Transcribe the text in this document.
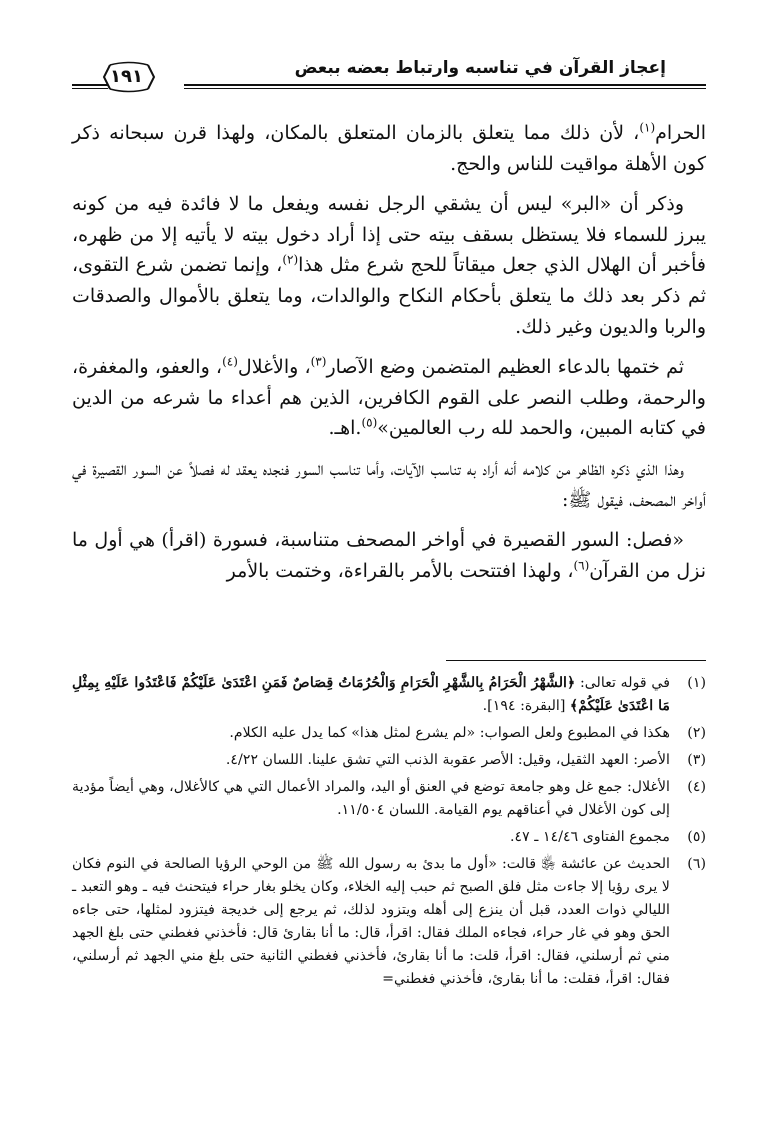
إعجاز القرآن في تناسبه وارتباط بعضه ببعض
١٩١

الحرام$^{(١)}$، لأن ذلك مما يتعلق بالزمان المتعلق بالمكان، ولهذا قرن سبحانه ذكر كون الأهلة مواقيت للناس والحج.

وذكر أن «البر» ليس أن يشقي الرجل نفسه ويفعل ما لا فائدة فيه من كونه يبرز للسماء فلا يستظل بسقف بيته حتى إذا أراد دخول بيته لا يأتيه إلا من ظهره، فأخبر أن الهلال الذي جعل ميقاتاً للحج شرع مثل هذا$^{(٢)}$، وإنما تضمن شرع التقوى، ثم ذكر بعد ذلك ما يتعلق بأحكام النكاح والوالدات، وما يتعلق بالأموال والصدقات والربا والديون وغير ذلك.

ثم ختمها بالدعاء العظيم المتضمن وضع الآصار$^{(٣)}$، والأغلال$^{(٤)}$، والعفو، والمغفرة، والرحمة، وطلب النصر على القوم الكافرين، الذين هم أعداء ما شرعه من الدين في كتابه المبين، والحمد لله رب العالمين»$^{(٥)}$.اهـ.

وهذا الذي ذكره الظاهر من كلامه أنه أراد به تناسب الآيات، وأما تناسب السور فنجده يعقد له فصلاً عن السور القصيرة في أواخر المصحف، فيقول ﷺ:

«فصل: السور القصيرة في أواخر المصحف متناسبة، فسورة (اقرأ) هي أول ما نزل من القرآن$^{(٦)}$، ولهذا افتتحت بالأمر بالقراءة، وختمت بالأمر

(١)
في قوله تعالى: ﴿الشَّهْرُ الْحَرَامُ بِالشَّهْرِ الْحَرَامِ وَالْحُرُمَاتُ قِصَاصٌ فَمَنِ اعْتَدَىٰ عَلَيْكُمْ فَاعْتَدُوا عَلَيْهِ بِمِثْلِ مَا اعْتَدَىٰ عَلَيْكُمْ﴾ [البقرة: ١٩٤].
(٢)
هكذا في المطبوع ولعل الصواب: «لم يشرع لمثل هذا» كما يدل عليه الكلام.
(٣)
الأصر: العهد الثقيل، وقيل: الأصر عقوبة الذنب التي تشق علينا. اللسان ٤/٢٢.
(٤)
الأغلال: جمع غل وهو جامعة توضع في العنق أو اليد، والمراد الأعمال التي هي كالأغلال، وهي أيضاً مؤدية إلى كون الأغلال في أعناقهم يوم القيامة. اللسان ١١/٥٠٤.
(٥)
مجموع الفتاوى ١٤/٤٦ ـ ٤٧.
(٦)
الحديث عن عائشة ﵂ قالت: «أول ما بدئ به رسول الله ﷺ من الوحي الرؤيا الصالحة في النوم فكان لا يرى رؤيا إلا جاءت مثل فلق الصبح ثم حبب إليه الخلاء، وكان يخلو بغار حراء فيتحنث فيه ـ وهو التعبد ـ الليالي ذوات العدد، قبل أن ينزع إلى أهله ويتزود لذلك، ثم يرجع إلى خديجة فيتزود لمثلها، حتى جاءه الحق وهو في غار حراء، فجاءه الملك فقال: اقرأ، قال: ما أنا بقارئ قال: فأخذني فغطني حتى بلغ الجهد مني ثم أرسلني، فقال: اقرأ، قلت: ما أنا بقارئ، فأخذني فغطني الثانية حتى بلغ مني الجهد ثم أرسلني، فقال: اقرأ، فقلت: ما أنا بقارئ، فأخذني فغطني=
